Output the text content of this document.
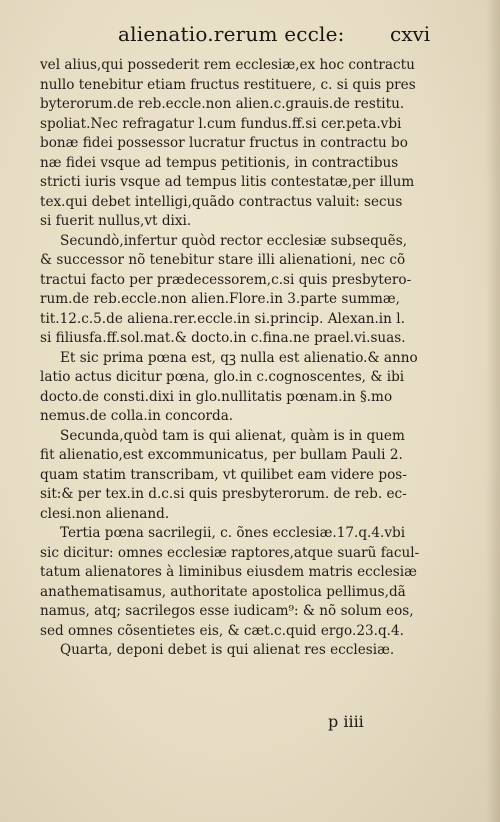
alienatio.rerum eccle: cxvi
vel alius,qui possederit rem ecclesiæ,ex hoc contractu
nullo tenebitur etiam fructus restituere, c. si quis pres
byterorum.de reb.eccle.non alien.c.grauis.de restitu.
spoliat.Nec refragatur l.cum fundus.ff.si cer.peta.vbi
bonæ fidei possessor lucratur fructus in contractu bo
næ fidei vsque ad tempus petitionis, in contractibus
stricti iuris vsque ad tempus litis contestatæ,per illum
tex.qui debet intelligi,quãdo contractus valuit: secus
si fuerit nullus,vt dixi.
Secundò,infertur quòd rector ecclesiæ subsequẽs,
& successor nõ tenebitur stare illi alienationi, nec cõ
tractui facto per prædecessorem,c.si quis presbytero-
rum.de reb.eccle.non alien.Flore.in 3.parte summæ,
tit.12.c.5.de aliena.rer.eccle.in si.princip. Alexan.in l.
si filiusfa.ff.sol.mat.& docto.in c.fina.ne prael.vi.suas.
Et sic prima pœna est, qꝫ nulla est alienatio.& anno
latio actus dicitur pœna, glo.in c.cognoscentes, & ibi
docto.de consti.dixi in glo.nullitatis pœnam.in §.mo
nemus.de colla.in concorda.
Secunda,quòd tam is qui alienat, quàm is in quem
fit alienatio,est excommunicatus, per bullam Pauli 2.
quam statim transcribam, vt quilibet eam videre pos-
sit:& per tex.in d.c.si quis presbyterorum. de reb. ec-
clesi.non alienand.
Tertia pœna sacrilegii, c. õnes ecclesiæ.17.q.4.vbi
sic dicitur: omnes ecclesiæ raptores,atque suarũ facul-
tatum alienatores à liminibus eiusdem matris ecclesiæ
anathematisamus, authoritate apostolica pellimus,dã
namus, atq; sacrilegos esse iudicam⁹: & nõ solum eos,
sed omnes cõsentietes eis, & cæt.c.quid ergo.23.q.4.
Quarta, deponi debet is qui alienat res ecclesiæ.
p iiii
